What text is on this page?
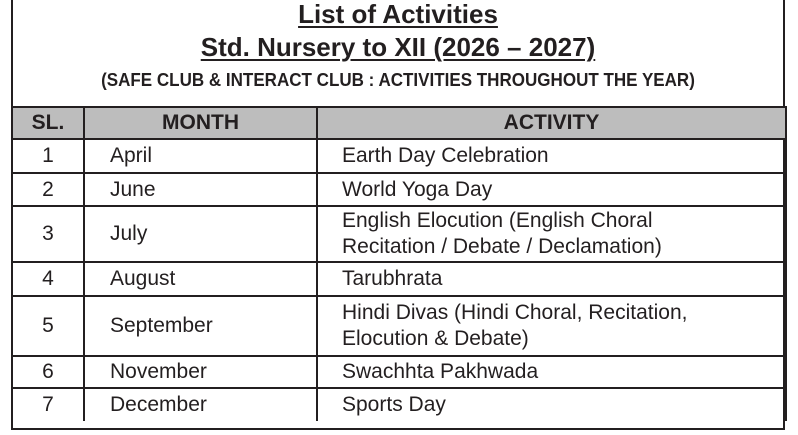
List of Activities
Std. Nursery to XII (2026 – 2027)
(SAFE CLUB & INTERACT CLUB : ACTIVITIES THROUGHOUT THE YEAR)
SL.	MONTH	ACTIVITY
1	April	Earth Day Celebration

2	June	World Yoga Day

3	July	English Elocution (English Choral
Recitation / Debate / Declamation)

4	August	Tarubhrata

5	September	Hindi Divas (Hindi Choral, Recitation,
Elocution & Debate)

6	November	Swachhta Pakhwada

7	December	Sports Day
